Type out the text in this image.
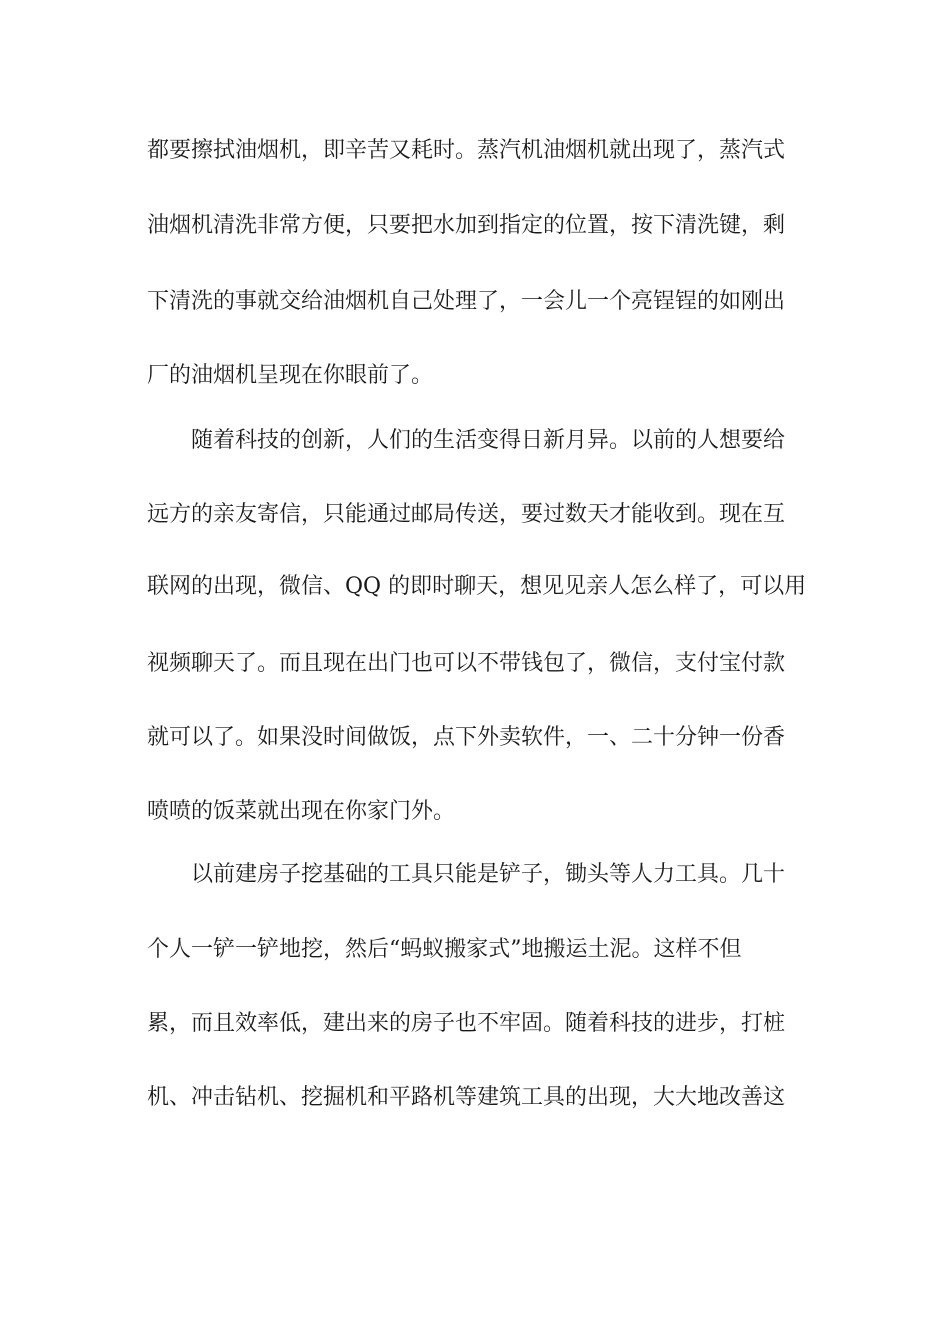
都要擦拭油烟机，即辛苦又耗时。蒸汽机油烟机就出现了，蒸汽式
油烟机清洗非常方便，只要把水加到指定的位置，按下清洗键，剩
下清洗的事就交给油烟机自己处理了，一会儿一个亮锃锃的如刚出
厂的油烟机呈现在你眼前了。
随着科技的创新，人们的生活变得日新月异。以前的人想要给
远方的亲友寄信，只能通过邮局传送，要过数天才能收到。现在互
联网的出现，微信、QQ 的即时聊天，想见见亲人怎么样了，可以用
视频聊天了。而且现在出门也可以不带钱包了，微信，支付宝付款
就可以了。如果没时间做饭，点下外卖软件，一、二十分钟一份香
喷喷的饭菜就出现在你家门外。
以前建房子挖基础的工具只能是铲子，锄头等人力工具。几十
个人一铲一铲地挖，然后“蚂蚁搬家式”地搬运土泥。这样不但
累，而且效率低，建出来的房子也不牢固。随着科技的进步，打桩
机、冲击钻机、挖掘机和平路机等建筑工具的出现，大大地改善这
